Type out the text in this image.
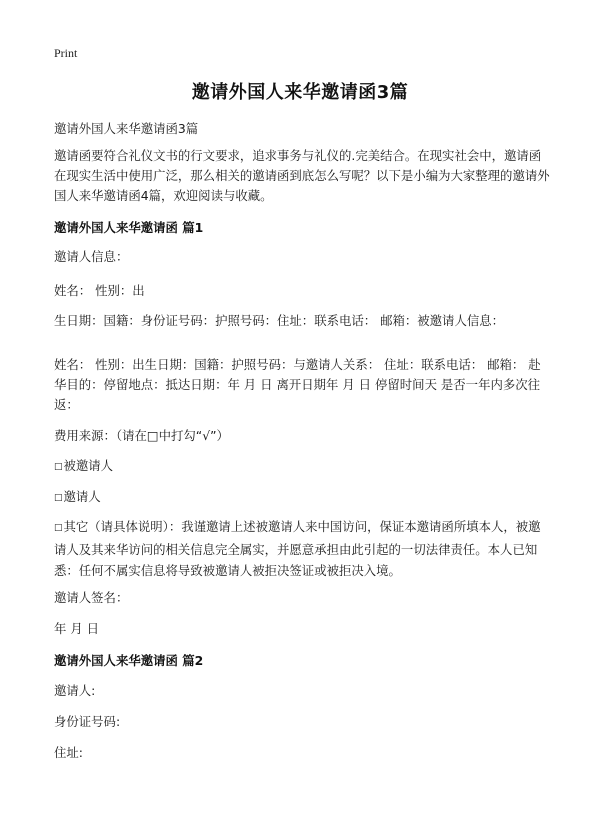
Print
邀请外国人来华邀请函3篇
邀请外国人来华邀请函3篇
邀请函要符合礼仪文书的行文要求，追求事务与礼仪的.完美结合。在现实社会中，邀请函在现实生活中使用广泛，那么相关的邀请函到底怎么写呢？以下是小编为大家整理的邀请外国人来华邀请函4篇，欢迎阅读与收藏。
邀请外国人来华邀请函 篇1
邀请人信息：
姓名： 性别：出
生日期：国籍：身份证号码：护照号码：住址：联系电话： 邮箱：被邀请人信息：
姓名： 性别：出生日期：国籍：护照号码：与邀请人关系： 住址：联系电话： 邮箱： 赴华目的：停留地点：抵达日期：年 月 日 离开日期年 月 日 停留时间天 是否一年内多次往返：
费用来源：（请在□中打勾“√”）
□被邀请人
□邀请人
□其它（请具体说明）：我谨邀请上述被邀请人来中国访问，保证本邀请函所填本人，被邀请人及其来华访问的相关信息完全属实，并愿意承担由此引起的一切法律责任。本人已知悉：任何不属实信息将导致被邀请人被拒决签证或被拒决入境。
邀请人签名：
年 月 日
邀请外国人来华邀请函 篇2
邀请人:
身份证号码:
住址:
